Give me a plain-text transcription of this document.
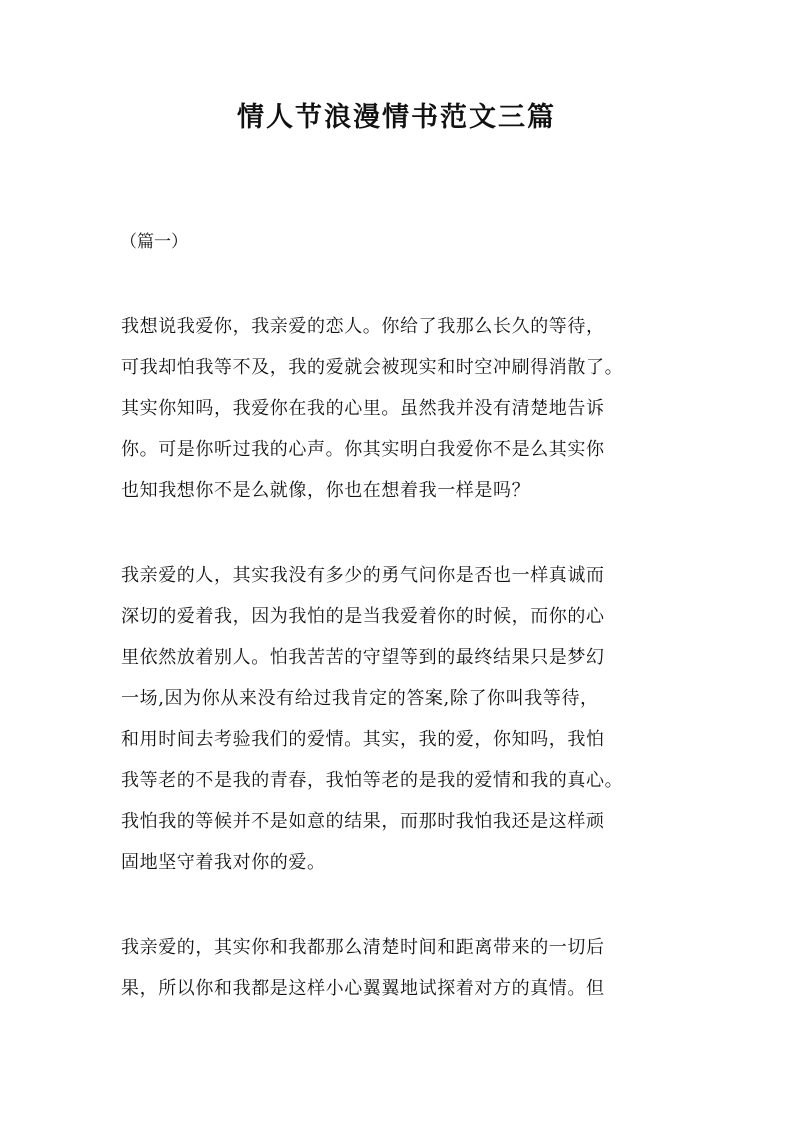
情人节浪漫情书范文三篇
（篇一）
我想说我爱你，我亲爱的恋人。你给了我那么长久的等待，
可我却怕我等不及，我的爱就会被现实和时空冲刷得消散了。
其实你知吗，我爱你在我的心里。虽然我并没有清楚地告诉
你。可是你听过我的心声。你其实明白我爱你不是么其实你
也知我想你不是么就像，你也在想着我一样是吗？
我亲爱的人，其实我没有多少的勇气问你是否也一样真诚而
深切的爱着我，因为我怕的是当我爱着你的时候，而你的心
里依然放着别人。怕我苦苦的守望等到的最终结果只是梦幻
一场,因为你从来没有给过我肯定的答案,除了你叫我等待，
和用时间去考验我们的爱情。其实，我的爱，你知吗，我怕
我等老的不是我的青春，我怕等老的是我的爱情和我的真心。
我怕我的等候并不是如意的结果，而那时我怕我还是这样顽
固地坚守着我对你的爱。
我亲爱的，其实你和我都那么清楚时间和距离带来的一切后
果，所以你和我都是这样小心翼翼地试探着对方的真情。但
